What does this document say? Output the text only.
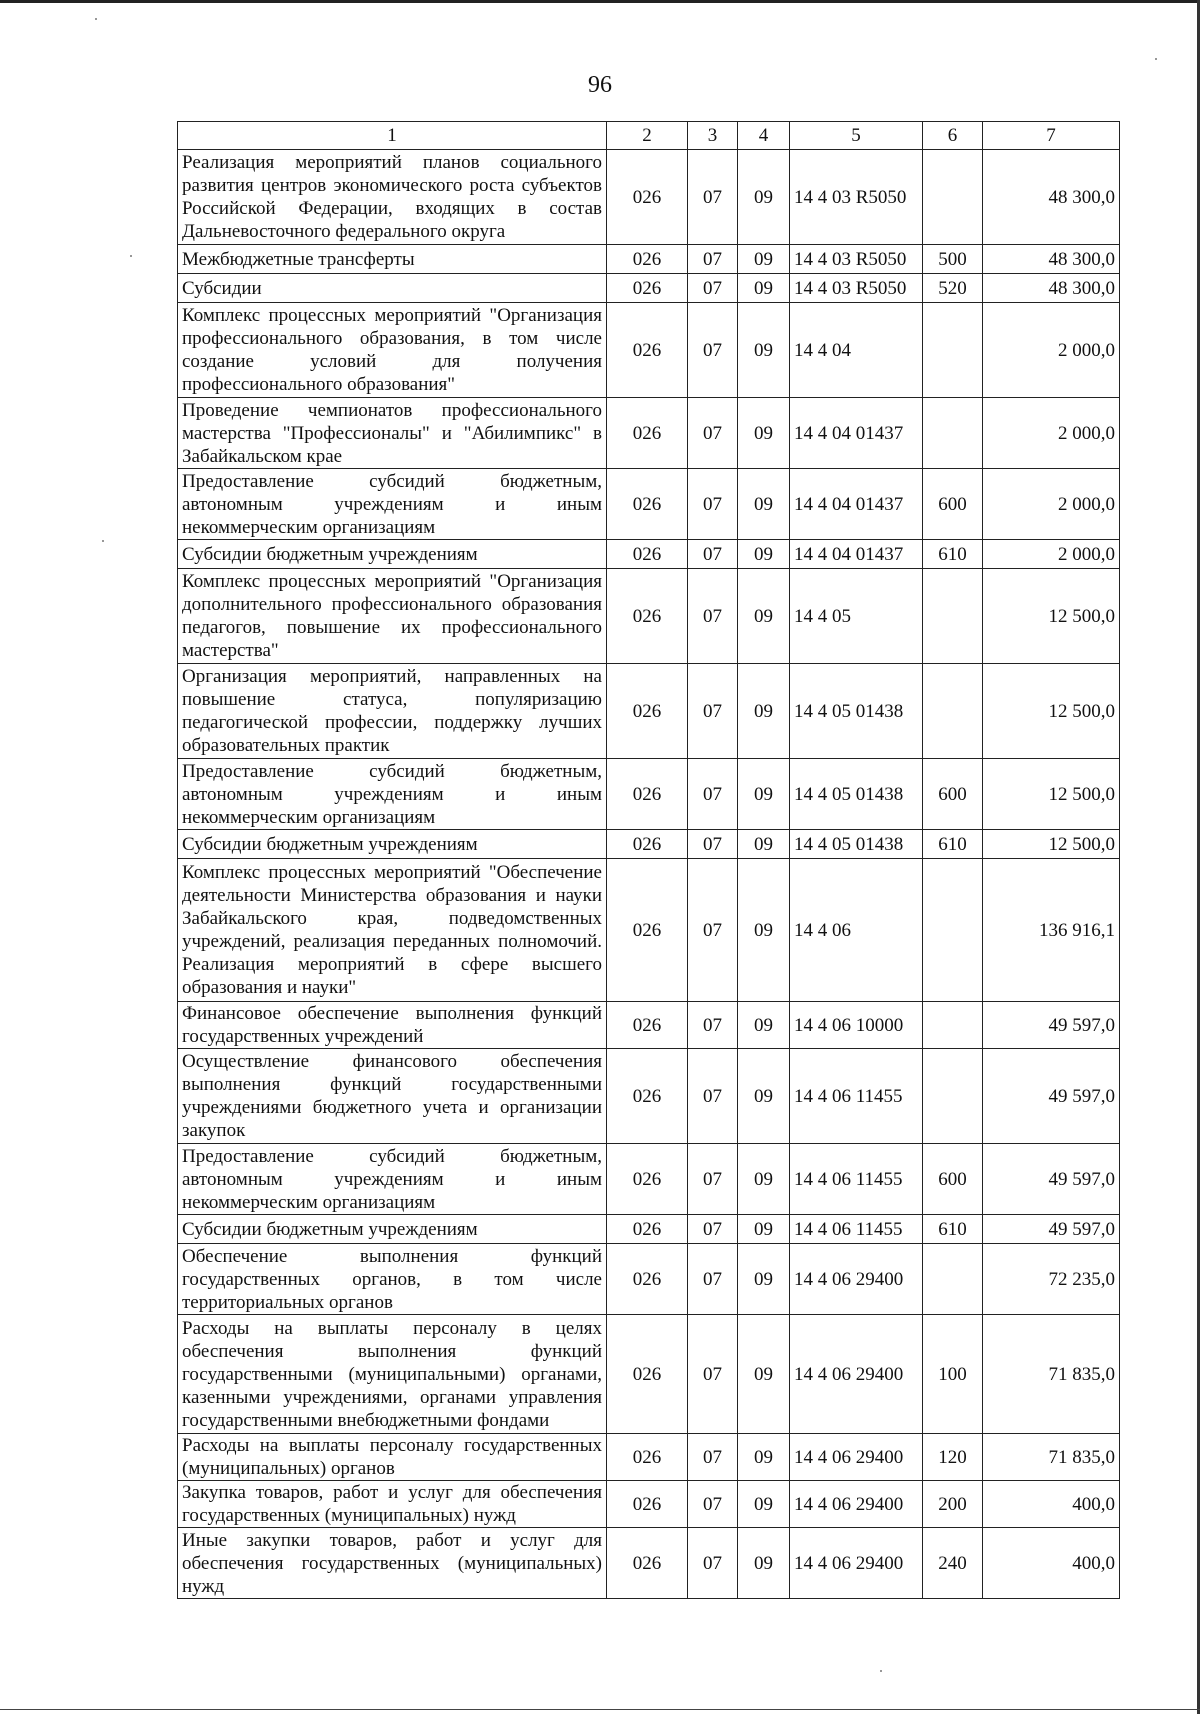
96
1	2	3	4	5	6	7
Реализация мероприятий планов социального развития центров экономического роста субъектов Российской Федерации, входящих в состав Дальневосточного федерального округа	026	07	09	14 4 03 R5050		48 300,0
Межбюджетные трансферты	026	07	09	14 4 03 R5050	500	48 300,0
Субсидии	026	07	09	14 4 03 R5050	520	48 300,0
Комплекс процессных мероприятий "Организация профессионального образования, в том числе создание условий для получения профессионального образования"	026	07	09	14 4 04		2 000,0
Проведение чемпионатов профессионального мастерства "Профессионалы" и "Абилимпикс" в Забайкальском крае	026	07	09	14 4 04 01437		2 000,0
Предоставление субсидий бюджетным, автономным учреждениям и иным некоммерческим организациям	026	07	09	14 4 04 01437	600	2 000,0
Субсидии бюджетным учреждениям	026	07	09	14 4 04 01437	610	2 000,0
Комплекс процессных мероприятий "Организация дополнительного профессионального образования педагогов, повышение их профессионального мастерства"	026	07	09	14 4 05		12 500,0
Организация мероприятий, направленных на повышение статуса, популяризацию педагогической профессии, поддержку лучших образовательных практик	026	07	09	14 4 05 01438		12 500,0
Предоставление субсидий бюджетным, автономным учреждениям и иным некоммерческим организациям	026	07	09	14 4 05 01438	600	12 500,0
Субсидии бюджетным учреждениям	026	07	09	14 4 05 01438	610	12 500,0
Комплекс процессных мероприятий "Обеспечение деятельности Министерства образования и науки Забайкальского края, подведомственных учреждений, реализация переданных полномочий. Реализация мероприятий в сфере высшего образования и науки"	026	07	09	14 4 06		136 916,1
Финансовое обеспечение выполнения функций государственных учреждений	026	07	09	14 4 06 10000		49 597,0
Осуществление финансового обеспечения выполнения функций государственными учреждениями бюджетного учета и организации закупок	026	07	09	14 4 06 11455		49 597,0
Предоставление субсидий бюджетным, автономным учреждениям и иным некоммерческим организациям	026	07	09	14 4 06 11455	600	49 597,0
Субсидии бюджетным учреждениям	026	07	09	14 4 06 11455	610	49 597,0
Обеспечение выполнения функций государственных органов, в том числе территориальных органов	026	07	09	14 4 06 29400		72 235,0
Расходы на выплаты персоналу в целях обеспечения выполнения функций государственными (муниципальными) органами, казенными учреждениями, органами управления государственными внебюджетными фондами	026	07	09	14 4 06 29400	100	71 835,0
Расходы на выплаты персоналу государственных (муниципальных) органов	026	07	09	14 4 06 29400	120	71 835,0
Закупка товаров, работ и услуг для обеспечения государственных (муниципальных) нужд	026	07	09	14 4 06 29400	200	400,0
Иные закупки товаров, работ и услуг для обеспечения государственных (муниципальных) нужд	026	07	09	14 4 06 29400	240	400,0
